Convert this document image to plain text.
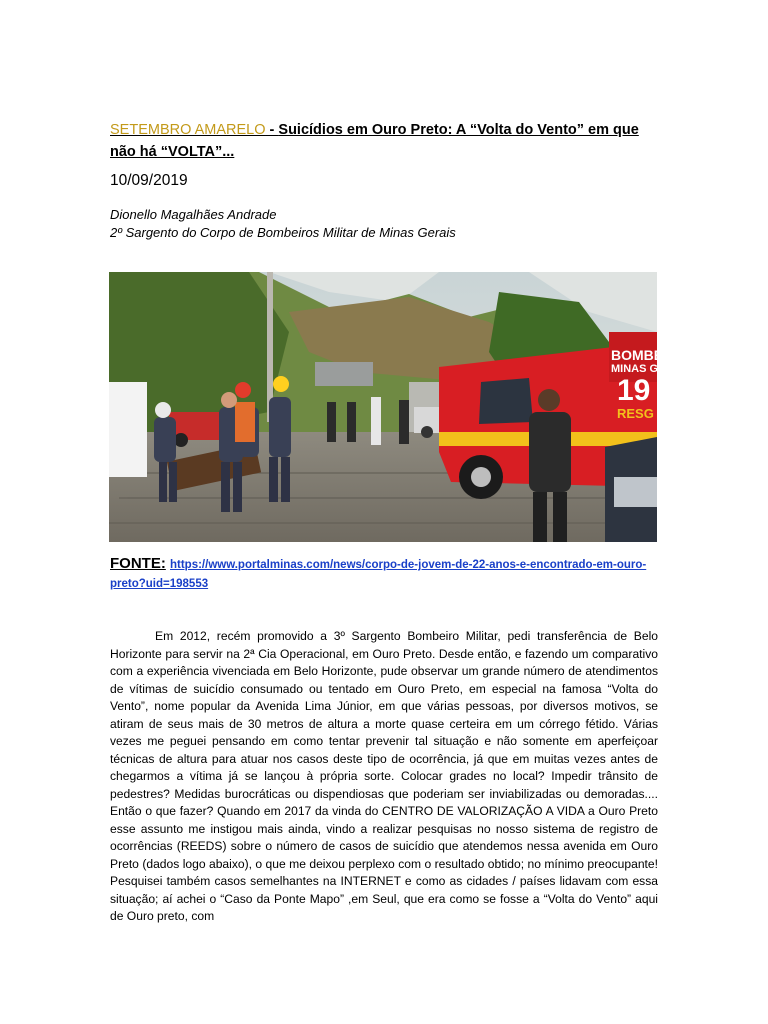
SETEMBRO AMARELO - Suicídios em Ouro Preto: A “Volta do Vento” em que não há “VOLTA”...
10/09/2019
Dionello Magalhães Andrade
2º Sargento do Corpo de Bombeiros Militar de Minas Gerais
BOMBE
MINAS G
19
RESG
FONTE: https://www.portalminas.com/news/corpo-de-jovem-de-22-anos-e-encontrado-em-ouro-preto?uid=198553

Em 2012, recém promovido a 3º Sargento Bombeiro Militar, pedi transferência de Belo Horizonte para servir na 2ª Cia Operacional, em Ouro Preto. Desde então, e fazendo um comparativo com a experiência vivenciada em Belo Horizonte, pude observar um grande número de atendimentos de vítimas de suicídio consumado ou tentado em Ouro Preto, em especial na famosa “Volta do Vento”, nome popular da Avenida Lima Júnior, em que várias pessoas, por diversos motivos, se atiram de seus mais de 30 metros de altura a morte quase certeira em um córrego fétido. Várias vezes me peguei pensando em como tentar prevenir tal situação e não somente em aperfeiçoar técnicas de altura para atuar nos casos deste tipo de ocorrência, já que em muitas vezes antes de chegarmos a vítima já se lançou à própria sorte. Colocar grades no local? Impedir trânsito de pedestres? Medidas burocráticas ou dispendiosas que poderiam ser inviabilizadas ou demoradas.... Então o que fazer? Quando em 2017 da vinda do CENTRO DE VALORIZAÇÃO A VIDA a Ouro Preto esse assunto me instigou mais ainda, vindo a realizar pesquisas no nosso sistema de registro de ocorrências (REEDS) sobre o número de casos de suicídio que atendemos nessa avenida em Ouro Preto (dados logo abaixo), o que me deixou perplexo com o resultado obtido; no mínimo preocupante! Pesquisei também casos semelhantes na INTERNET e como as cidades / países lidavam com essa situação; aí achei o “Caso da Ponte Mapo” ,em Seul, que era como se fosse a “Volta do Vento” aqui de Ouro preto, com
